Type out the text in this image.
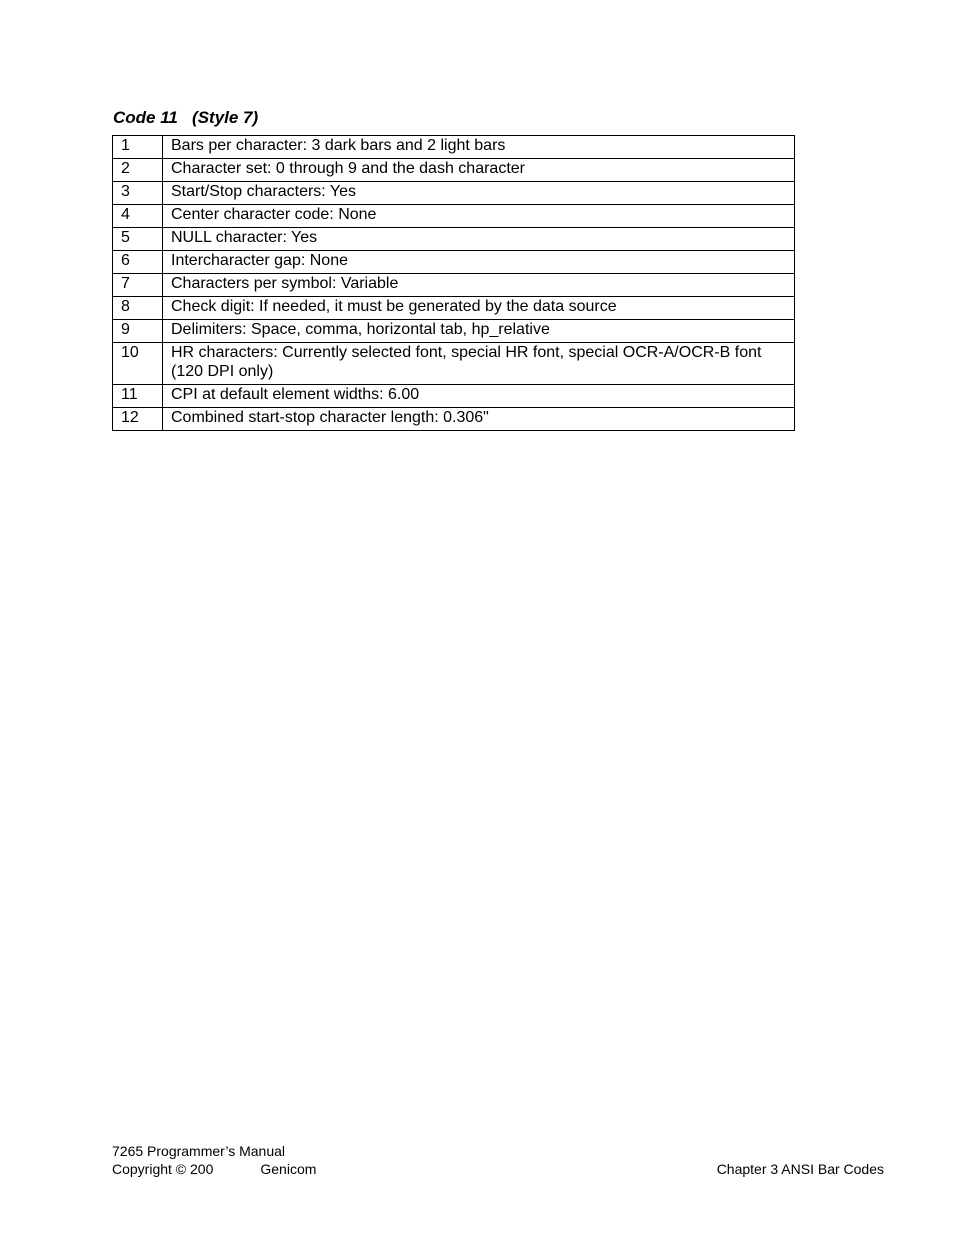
Code 11   (Style 7)
1	Bars per character: 3 dark bars and 2 light bars
2	Character set: 0 through 9 and the dash character
3	Start/Stop characters: Yes
4	Center character code: None
5	NULL character: Yes
6	Intercharacter gap: None
7	Characters per symbol: Variable
8	Check digit: If needed, it must be generated by the data source
9	Delimiters: Space, comma, horizontal tab, hp_relative
10	HR characters: Currently selected font, special HR font, special OCR-A/OCR-B font (120 DPI only)
11	CPI at default element widths: 6.00
12	Combined start-stop character length: 0.306"
7265 Programmer’s Manual
Copyright © 200	Genicom	Chapter 3 ANSI Bar Codes
